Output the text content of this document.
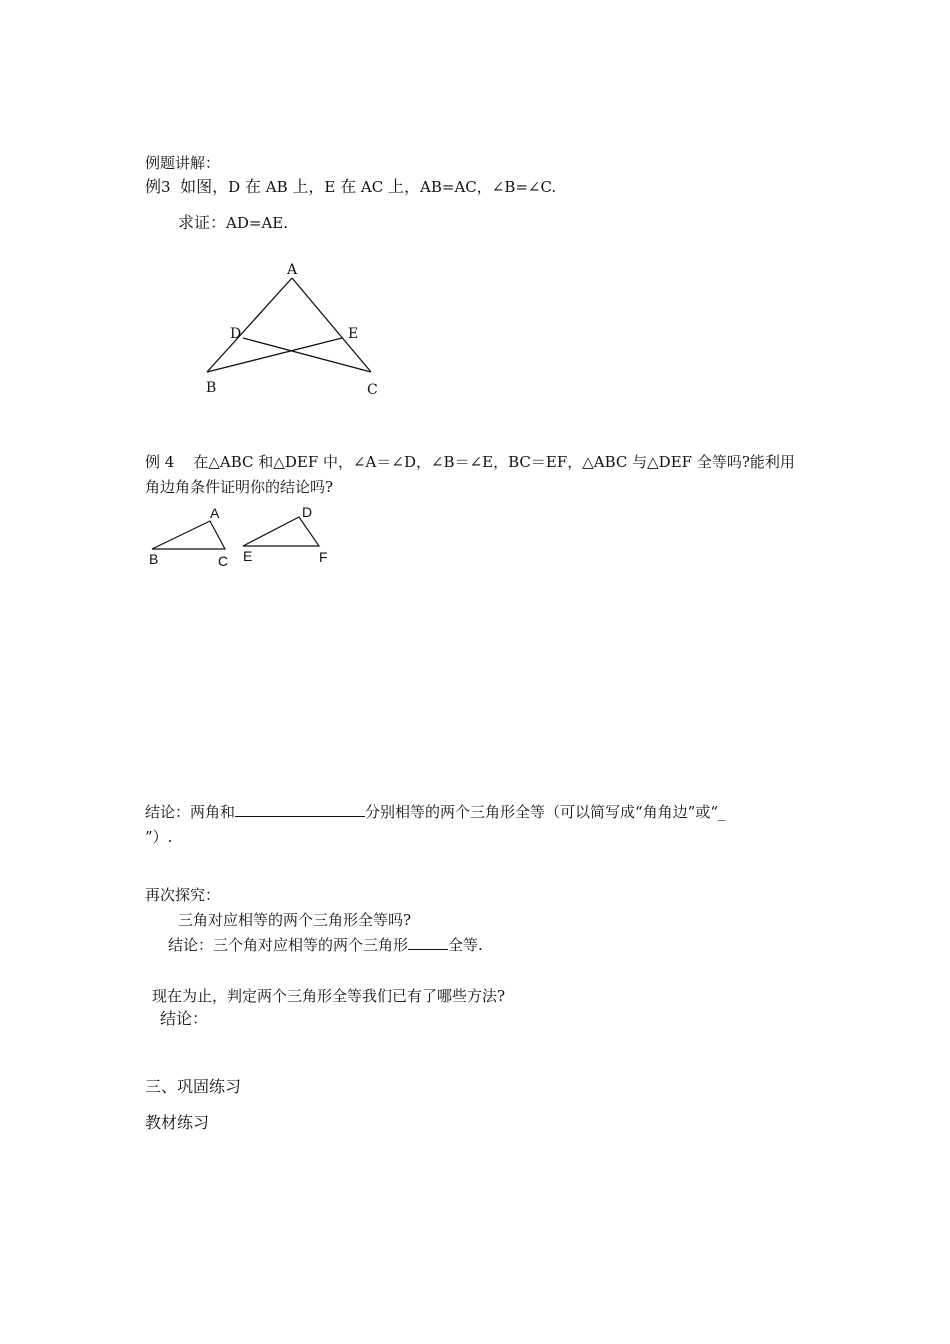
例题讲解：
例3 如图，D 在 AB 上，E 在 AC 上，AB=AC，∠B=∠C.
求证：AD=AE.
A
D	E
B	C
例 4 在△ABC 和△DEF 中，∠A＝∠D，∠B＝∠E，BC＝EF，△ABC 与△DEF 全等吗?能利用
角边角条件证明你的结论吗?
A
B	C
D
E	F
结论：两角和	分别相等的两个三角形全等（可以简写成“角角边”或“_
”）.
再次探究：
三角对应相等的两个三角形全等吗?
结论：三个角对应相等的两个三角形	全等.
现在为止，判定两个三角形全等我们已有了哪些方法?
结论：
三、巩固练习
教材练习
